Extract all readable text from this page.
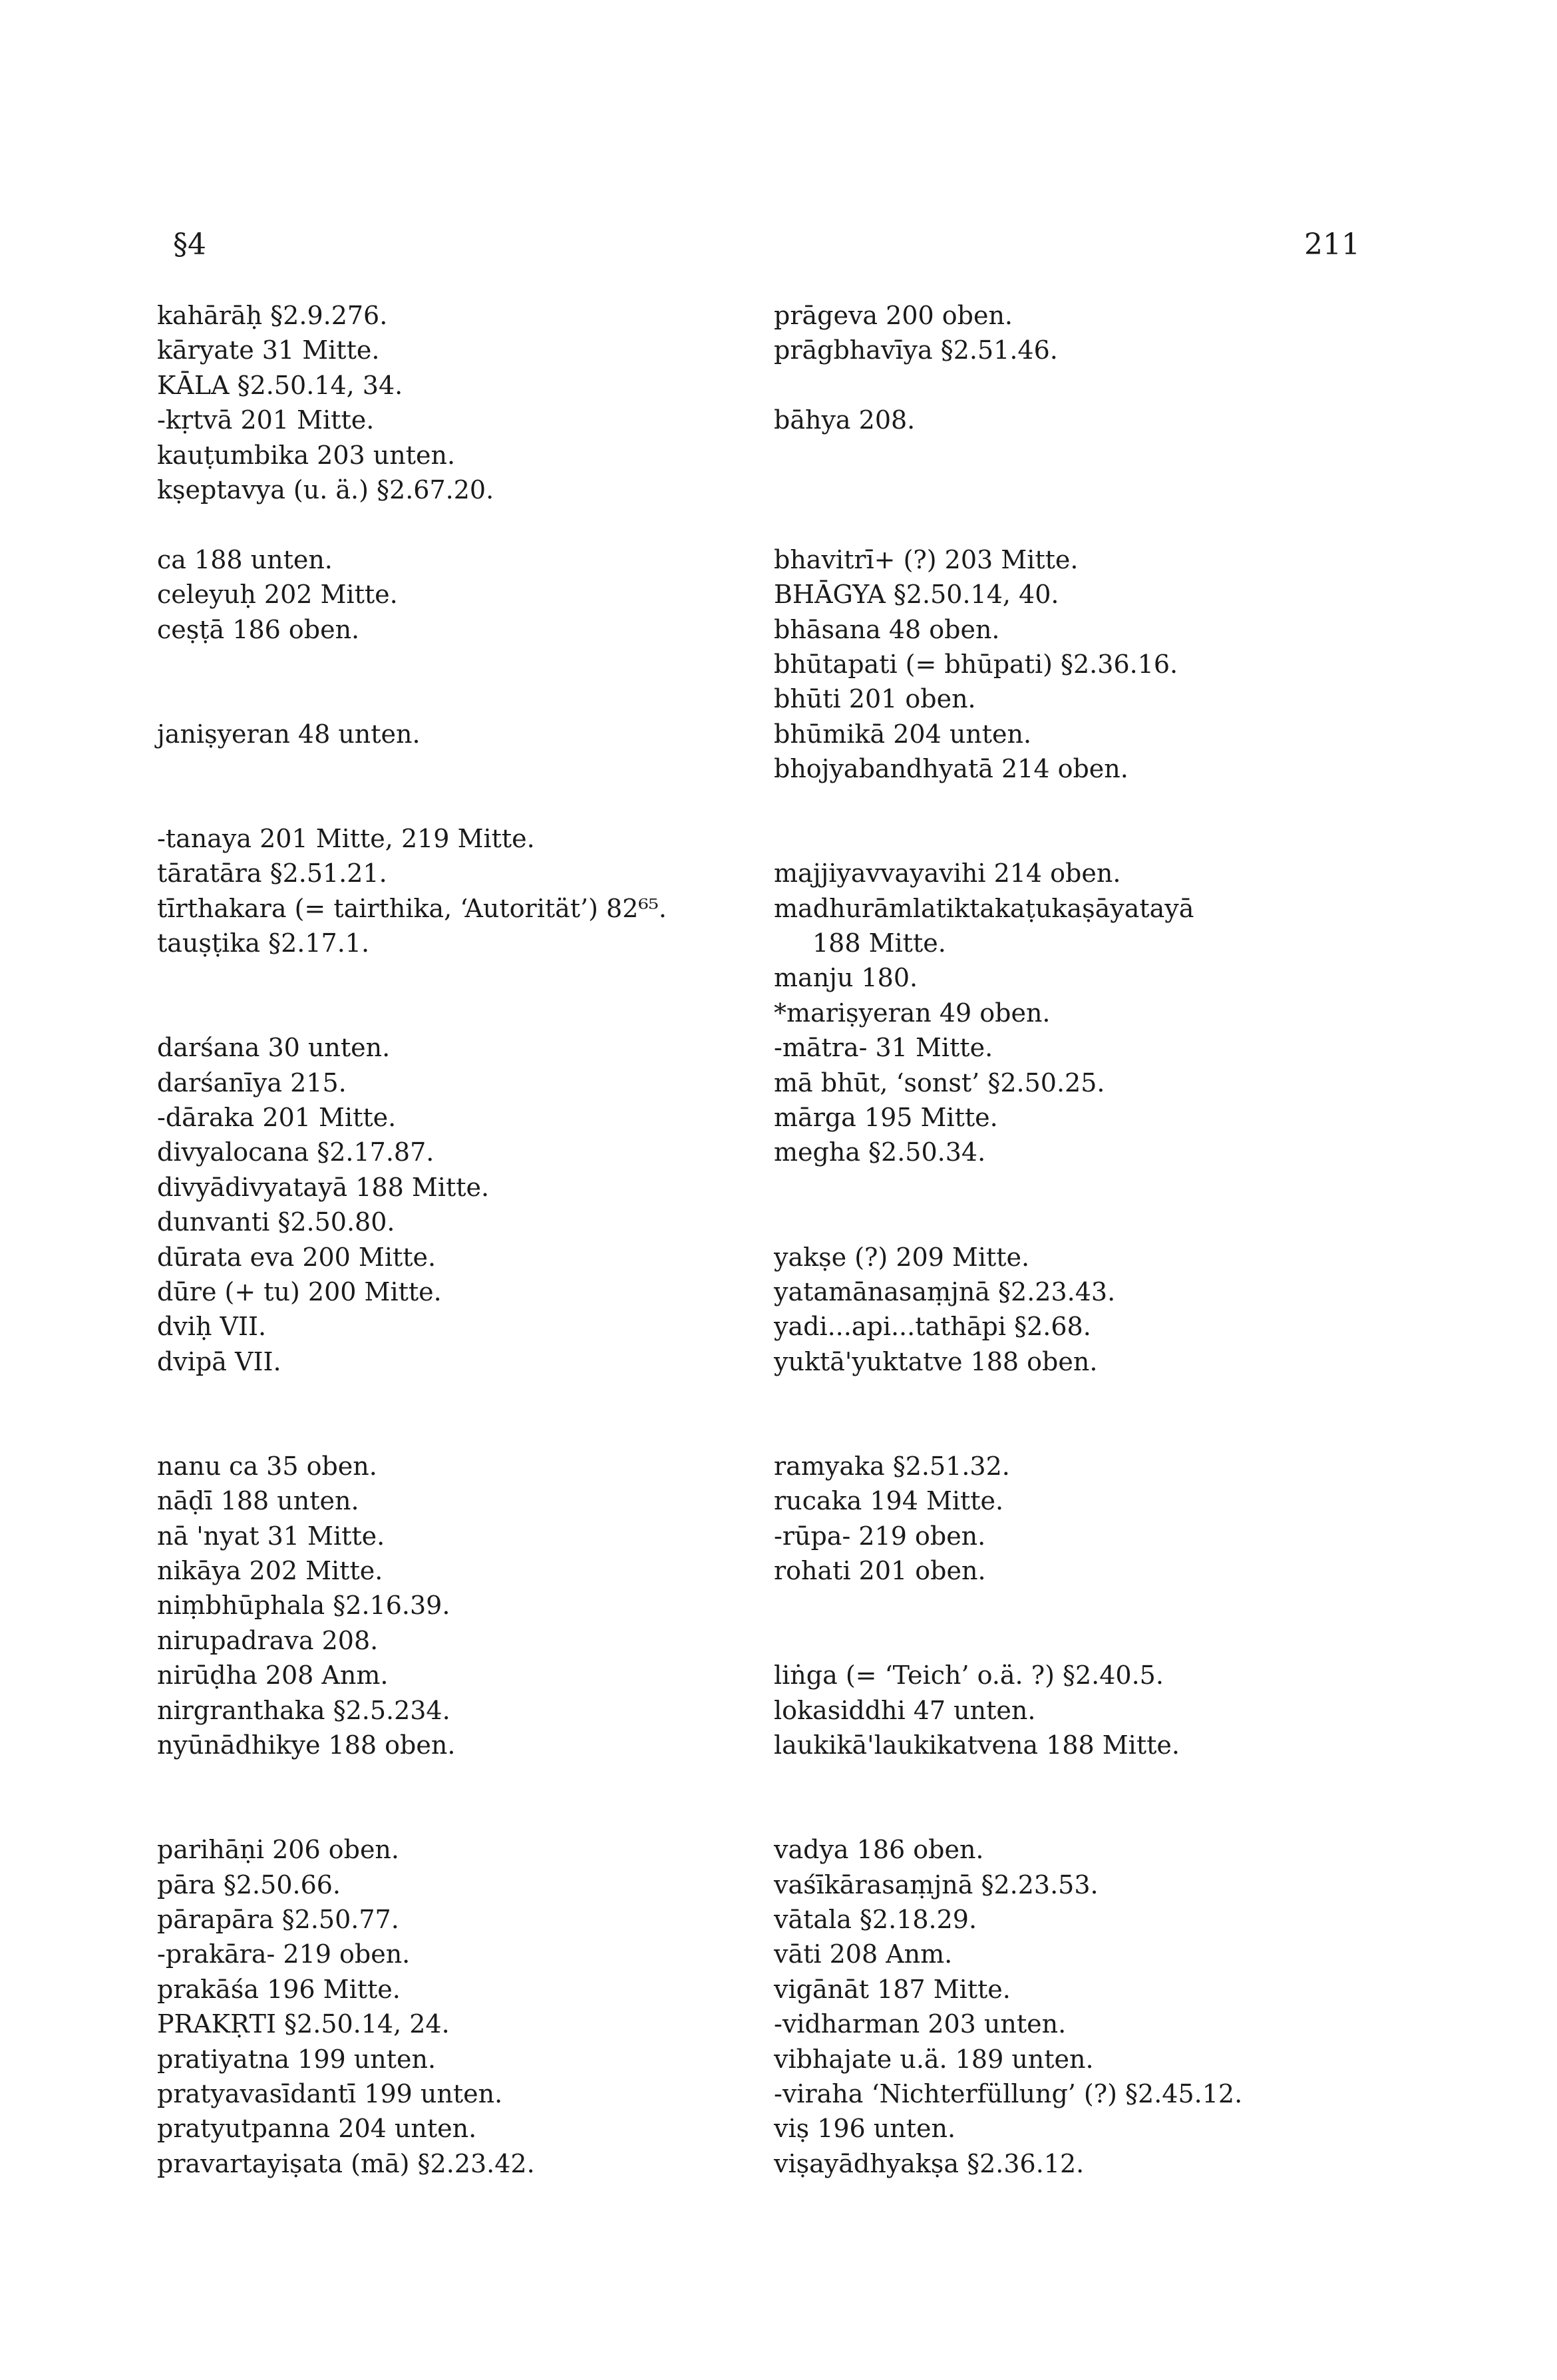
§4	211
kahārāḥ §2.9.276.
kāryate 31 Mitte.
KĀLA §2.50.14, 34.
-kṛtvā 201 Mitte.
kauṭumbika 203 unten.
kṣeptavya (u. ä.) §2.67.20.
ca 188 unten.
celeyuḥ 202 Mitte.
ceṣṭā 186 oben.
janiṣyeran 48 unten.
-tanaya 201 Mitte, 219 Mitte.
tāratāra §2.51.21.
tīrthakara (= tairthika, ‘Autorität’) 82⁶⁵.
tauṣṭika §2.17.1.
darśana 30 unten.
darśanīya 215.
-dāraka 201 Mitte.
divyalocana §2.17.87.
divyādivyatayā 188 Mitte.
dunvanti §2.50.80.
dūrata eva 200 Mitte.
dūre (+ tu) 200 Mitte.
dviḥ VII.
dvipā VII.
nanu ca 35 oben.
nāḍī 188 unten.
nā 'nyat 31 Mitte.
nikāya 202 Mitte.
niṃbhūphala §2.16.39.
nirupadrava 208.
nirūḍha 208 Anm.
nirgranthaka §2.5.234.
nyūnādhikye 188 oben.
parihāṇi 206 oben.
pāra §2.50.66.
pārapāra §2.50.77.
-prakāra- 219 oben.
prakāśa 196 Mitte.
PRAKṚTI §2.50.14, 24.
pratiyatna 199 unten.
pratyavasīdantī 199 unten.
pratyutpanna 204 unten.
pravartayiṣata (mā) §2.23.42.
prāgeva 200 oben.
prāgbhavīya §2.51.46.
bāhya 208.
bhavitrī+ (?) 203 Mitte.
BHĀGYA §2.50.14, 40.
bhāsana 48 oben.
bhūtapati (= bhūpati) §2.36.16.
bhūti 201 oben.
bhūmikā 204 unten.
bhojyabandhyatā 214 oben.
majjiyavvayavihi 214 oben.
madhurāmlatiktakaṭukaṣāyatayā
188 Mitte.
manju 180.
*mariṣyeran 49 oben.
-mātra- 31 Mitte.
mā bhūt, ‘sonst’ §2.50.25.
mārga 195 Mitte.
megha §2.50.34.
yakṣe (?) 209 Mitte.
yatamānasaṃjnā §2.23.43.
yadi...api...tathāpi §2.68.
yuktā'yuktatve 188 oben.
ramyaka §2.51.32.
rucaka 194 Mitte.
-rūpa- 219 oben.
rohati 201 oben.
liṅga (= ‘Teich’ o.ä. ?) §2.40.5.
lokasiddhi 47 unten.
laukikā'laukikatvena 188 Mitte.
vadya 186 oben.
vaśīkārasaṃjnā §2.23.53.
vātala §2.18.29.
vāti 208 Anm.
vigānāt 187 Mitte.
-vidharman 203 unten.
vibhajate u.ä. 189 unten.
-viraha ‘Nichterfüllung’ (?) §2.45.12.
viṣ 196 unten.
viṣayādhyakṣa §2.36.12.
